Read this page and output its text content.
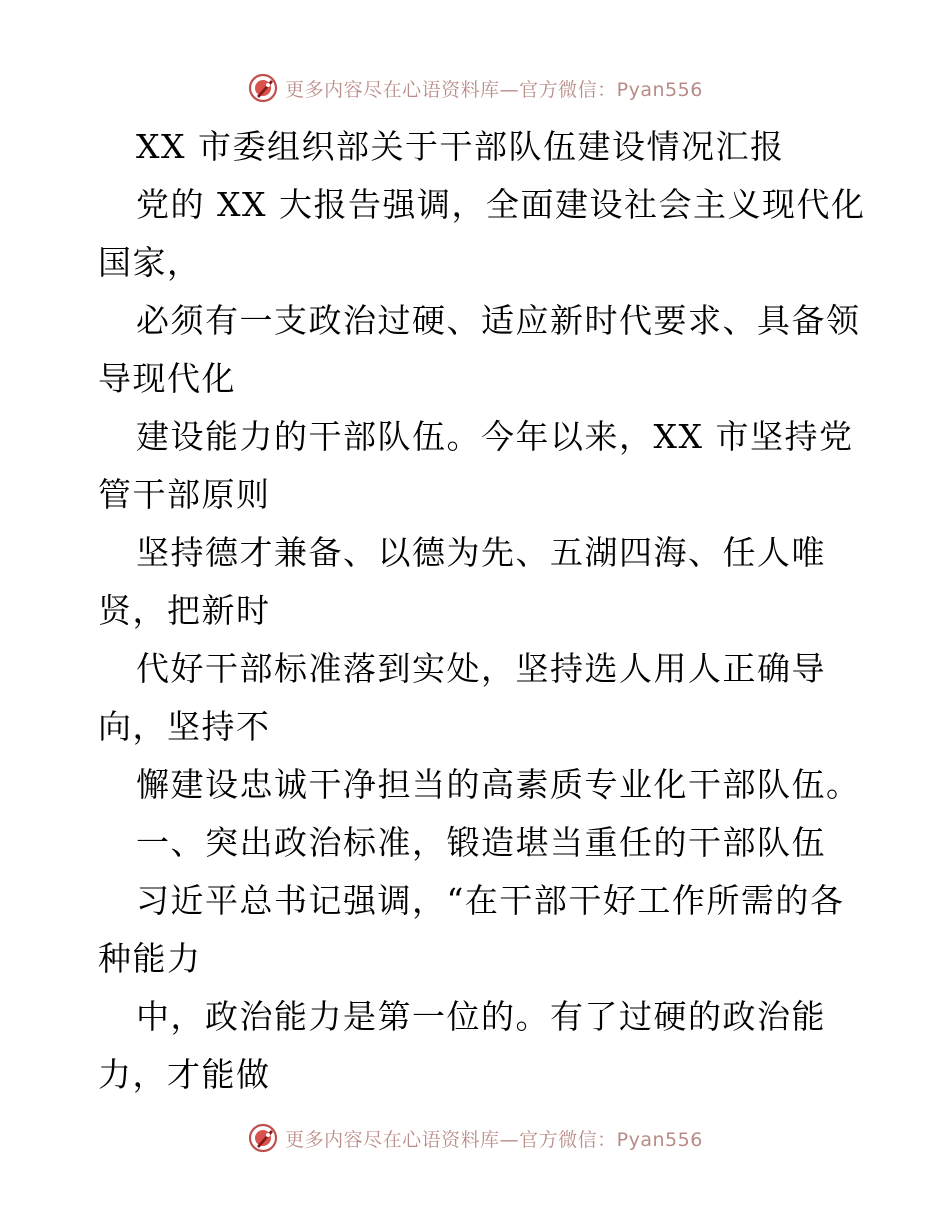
更多内容尽在心语资料库—官方微信：Pyan556
XX 市委组织部关于干部队伍建设情况汇报
党的 XX 大报告强调，全面建设社会主义现代化
国家，
必须有一支政治过硬、适应新时代要求、具备领
导现代化
建设能力的干部队伍。今年以来，XX 市坚持党
管干部原则
坚持德才兼备、以德为先、五湖四海、任人唯
贤，把新时
代好干部标准落到实处，坚持选人用人正确导
向，坚持不
懈建设忠诚干净担当的高素质专业化干部队伍。
一、突出政治标准，锻造堪当重任的干部队伍
习近平总书记强调，“在干部干好工作所需的各
种能力
中，政治能力是第一位的。有了过硬的政治能
力，才能做
更多内容尽在心语资料库—官方微信：Pyan556
